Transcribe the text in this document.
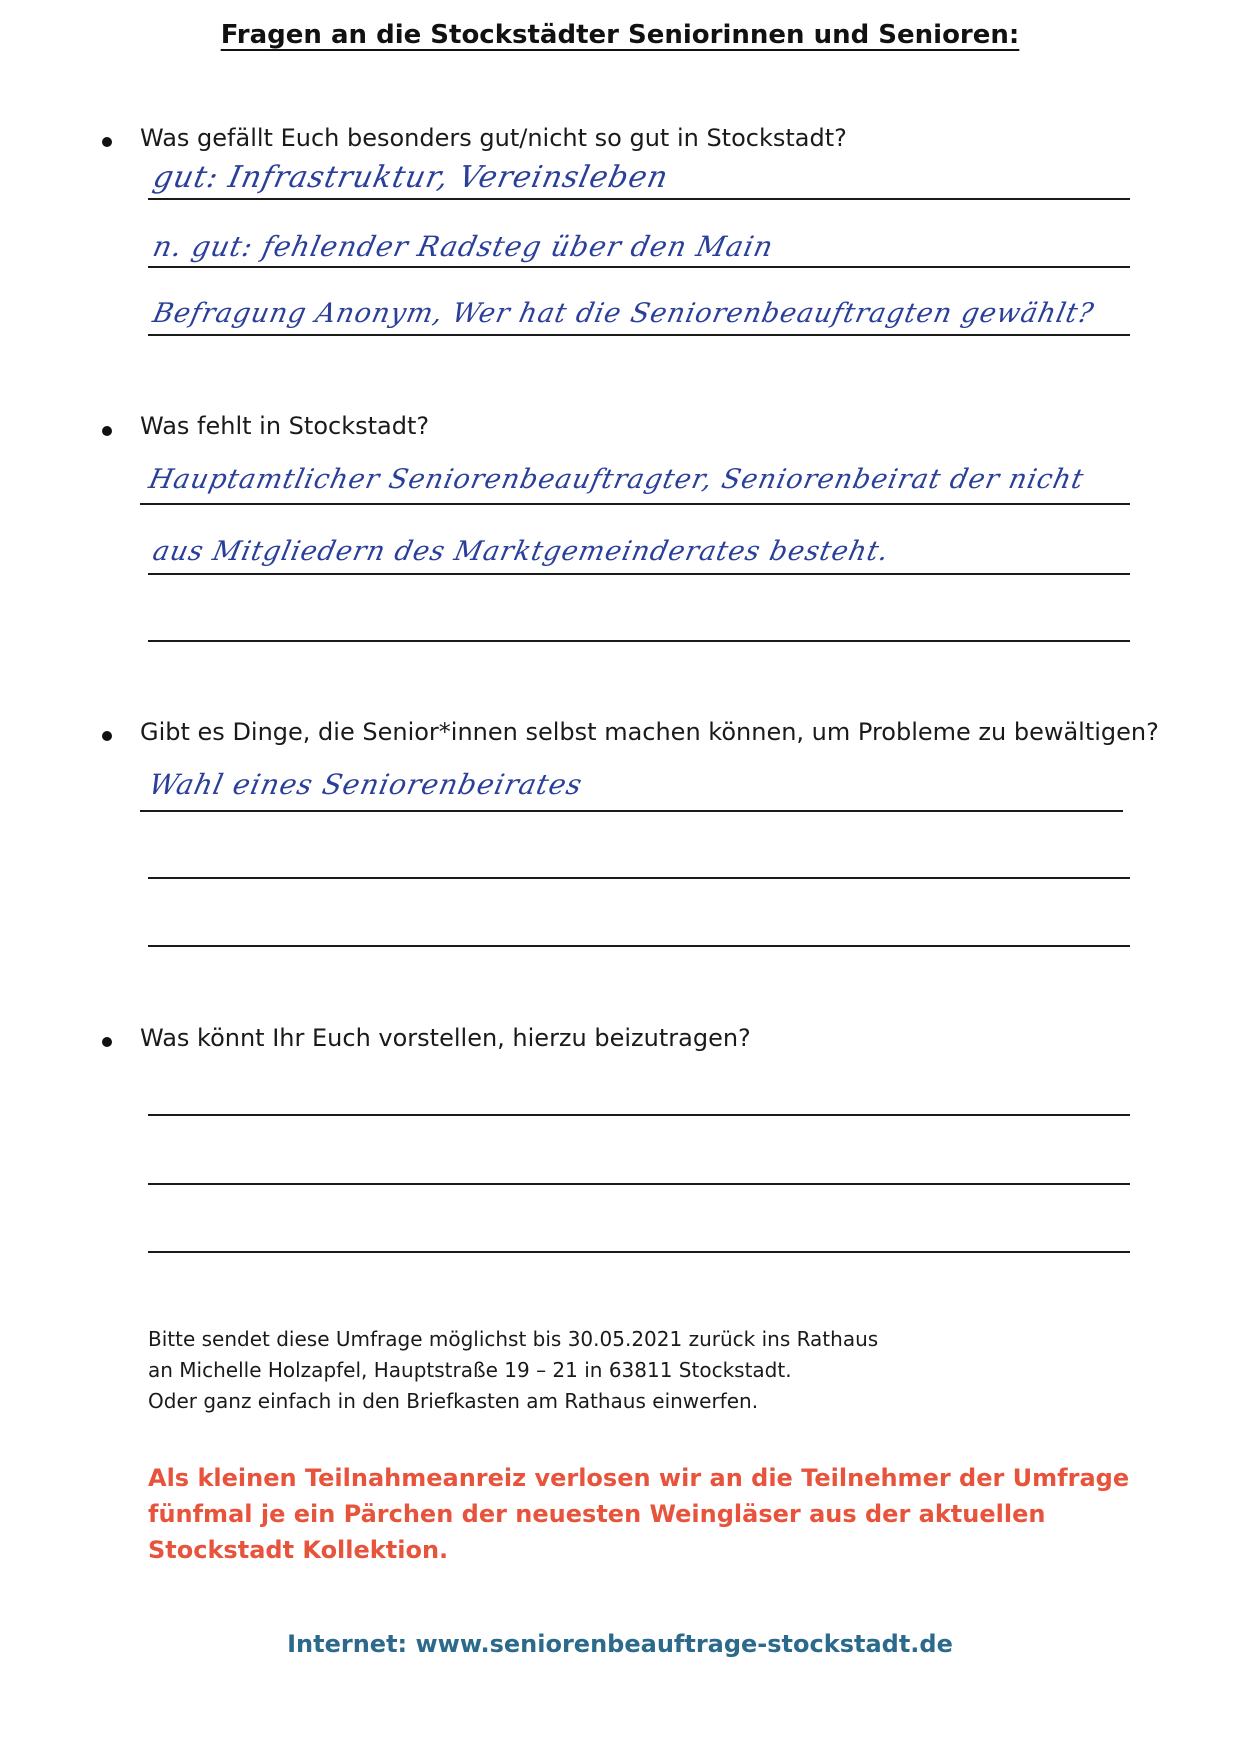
Fragen an die Stockstädter Seniorinnen und Senioren:
Was gefällt Euch besonders gut/nicht so gut in Stockstadt?
gut: Infrastruktur, Vereinsleben
n. gut: fehlender Radsteg über den Main
Befragung Anonym, Wer hat die Seniorenbeauftragten gewählt?
Was fehlt in Stockstadt?
Hauptamtlicher Seniorenbeauftragter, Seniorenbeirat der nicht
aus Mitgliedern des Marktgemeinderates besteht.
Gibt es Dinge, die Senior*innen selbst machen können, um Probleme zu bewältigen?
Wahl eines Seniorenbeirates
Was könnt Ihr Euch vorstellen, hierzu beizutragen?
Bitte sendet diese Umfrage möglichst bis 30.05.2021 zurück ins Rathaus
an Michelle Holzapfel, Hauptstraße 19 – 21 in 63811 Stockstadt.
Oder ganz einfach in den Briefkasten am Rathaus einwerfen.
Als kleinen Teilnahmeanreiz verlosen wir an die Teilnehmer der Umfrage fünfmal je ein Pärchen der neuesten Weingläser aus der aktuellen Stockstadt Kollektion.
Internet: www.seniorenbeauftrage-stockstadt.de
